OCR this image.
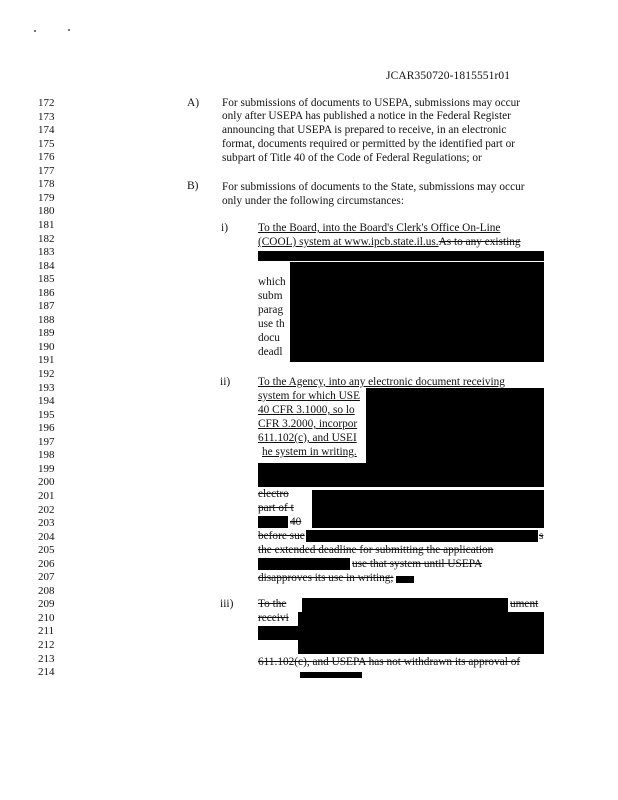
JCAR350720-1815551r01
172
173
174
175
176
177
178
179
180
181
182
183
184
185
186
187
188
189
190
191
192
193
194
195
196
197
198
199
200
201
202
203
204
205
206
207
208
209
210
211
212
213
214
A) For submissions of documents to USEPA, submissions may occur
only after USEPA has published a notice in the Federal Register
announcing that USEPA is prepared to receive, in an electronic
format, documents required or permitted by the identified part or
subpart of Title 40 of the Code of Federal Regulations; or
B) For submissions of documents to the State, submissions may occur
only under the following circumstances:
i)	To the Board, into the Board's Clerk's Office On-Line
(COOL) system at www.ipcb.state.il.us.As to any existing
which
subm
parag
use th
docu
deadl
ii) To the Agency, into any electronic document receiving
system for which USE
40 CFR 3.1000, so lo
CFR 3.2000, incorpor
611.102(c), and USEI
he system in writing.
electro
part of t
40
before sue	s
the extended deadline for submitting the application
use that system until USEPA
disapproves its use in writing;
iii) To the	ument
receivi
611.102(c), and USEPA has not withdrawn its approval of
